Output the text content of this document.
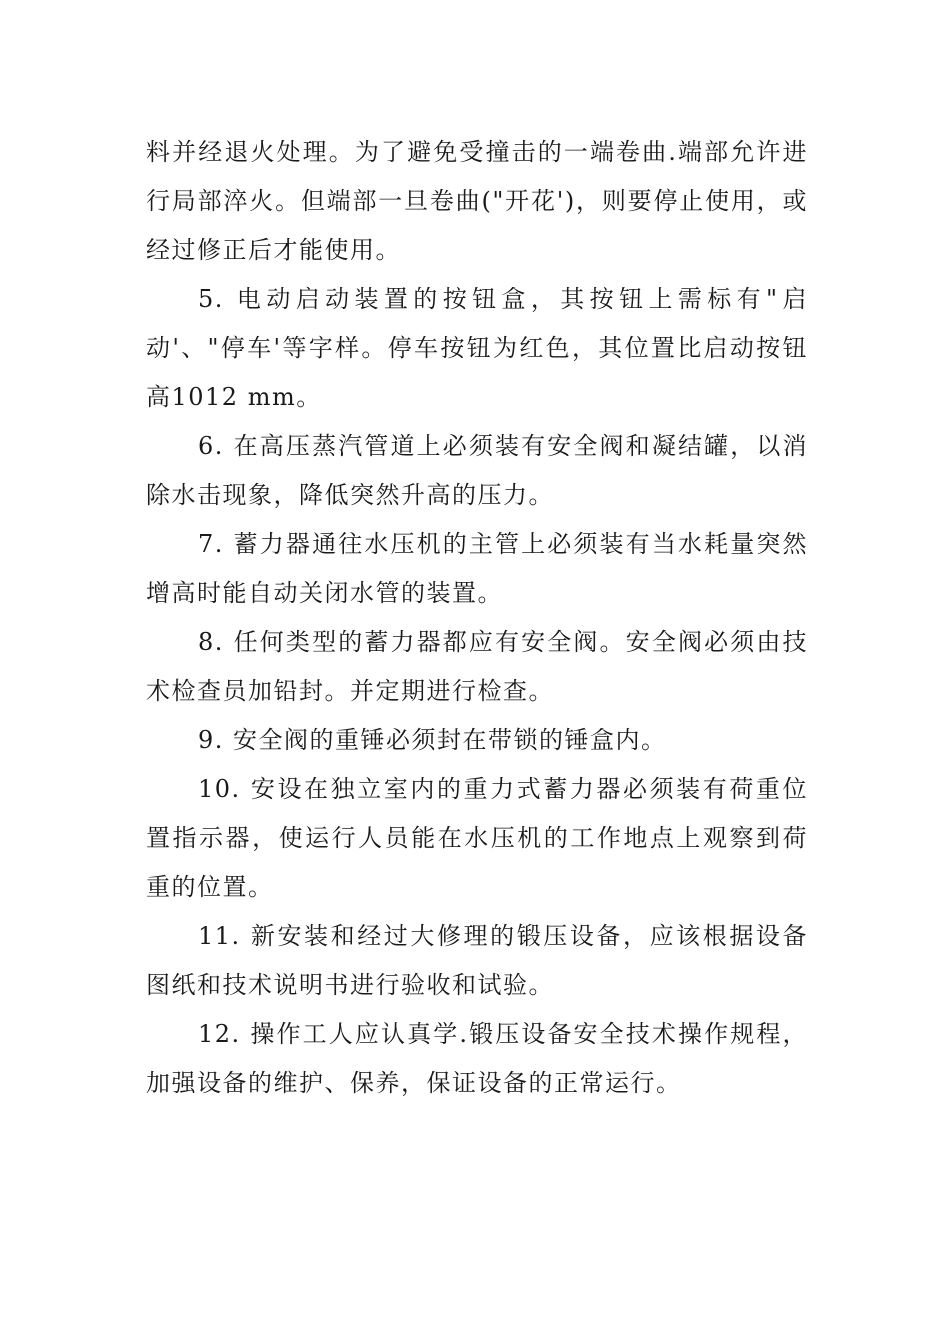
料并经退火处理。为了避免受撞击的一端卷曲.端部允许进行局部淬火。但端部一旦卷曲("开花')，则要停止使用，或经过修正后才能使用。

5. 电动启动装置的按钮盒，其按钮上需标有"启动'、"停车'等字样。停车按钮为红色，其位置比启动按钮高1012 mm。

6. 在高压蒸汽管道上必须装有安全阀和凝结罐，以消除水击现象，降低突然升高的压力。

7. 蓄力器通往水压机的主管上必须装有当水耗量突然增高时能自动关闭水管的装置。

8. 任何类型的蓄力器都应有安全阀。安全阀必须由技术检查员加铅封。并定期进行检查。

9. 安全阀的重锤必须封在带锁的锤盒内。

10. 安设在独立室内的重力式蓄力器必须装有荷重位置指示器，使运行人员能在水压机的工作地点上观察到荷重的位置。

11. 新安装和经过大修理的锻压设备，应该根据设备图纸和技术说明书进行验收和试验。

12. 操作工人应认真学.锻压设备安全技术操作规程，加强设备的维护、保养，保证设备的正常运行。
